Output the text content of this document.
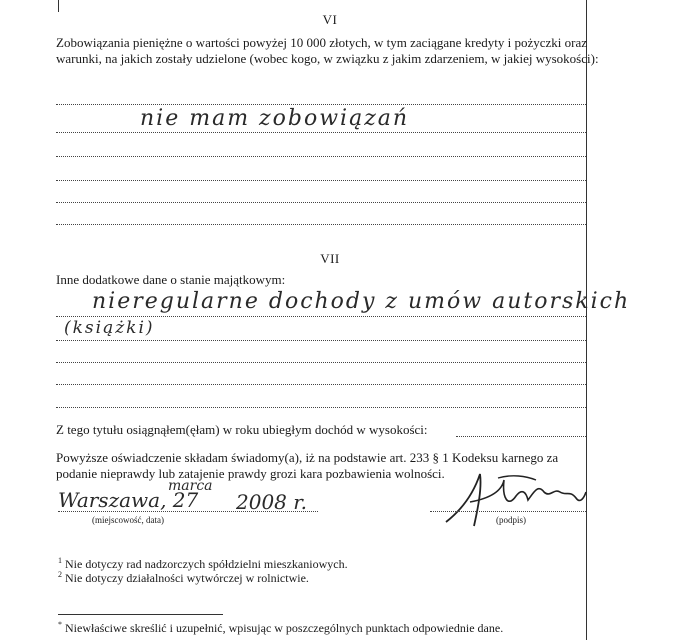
VI
Zobowiązania pieniężne o wartości powyżej 10 000 złotych, w tym zaciągane kredyty i pożyczki oraz warunki, na jakich zostały udzielone (wobec kogo, w związku z jakim zdarzeniem, w jakiej wysokości):
nie mam zobowiązań
VII
Inne dodatkowe dane o stanie majątkowym:
nieregularne dochody z umów autorskich
(książki)
Z tego tytułu osiągnąłem(ęłam) w roku ubiegłym dochód w wysokości:
Powyższe oświadczenie składam świadomy(a), iż na podstawie art. 233 § 1 Kodeksu karnego za podanie nieprawdy lub zatajenie prawdy grozi kara pozbawienia wolności.
Warszawa, 27
marca
2008 r.
(miejscowość, data)	(podpis)
$^1$ Nie dotyczy rad nadzorczych spółdzielni mieszkaniowych.
$^2$ Nie dotyczy działalności wytwórczej w rolnictwie.
* Niewłaściwe skreślić i uzupełnić, wpisując w poszczególnych punktach odpowiednie dane.
